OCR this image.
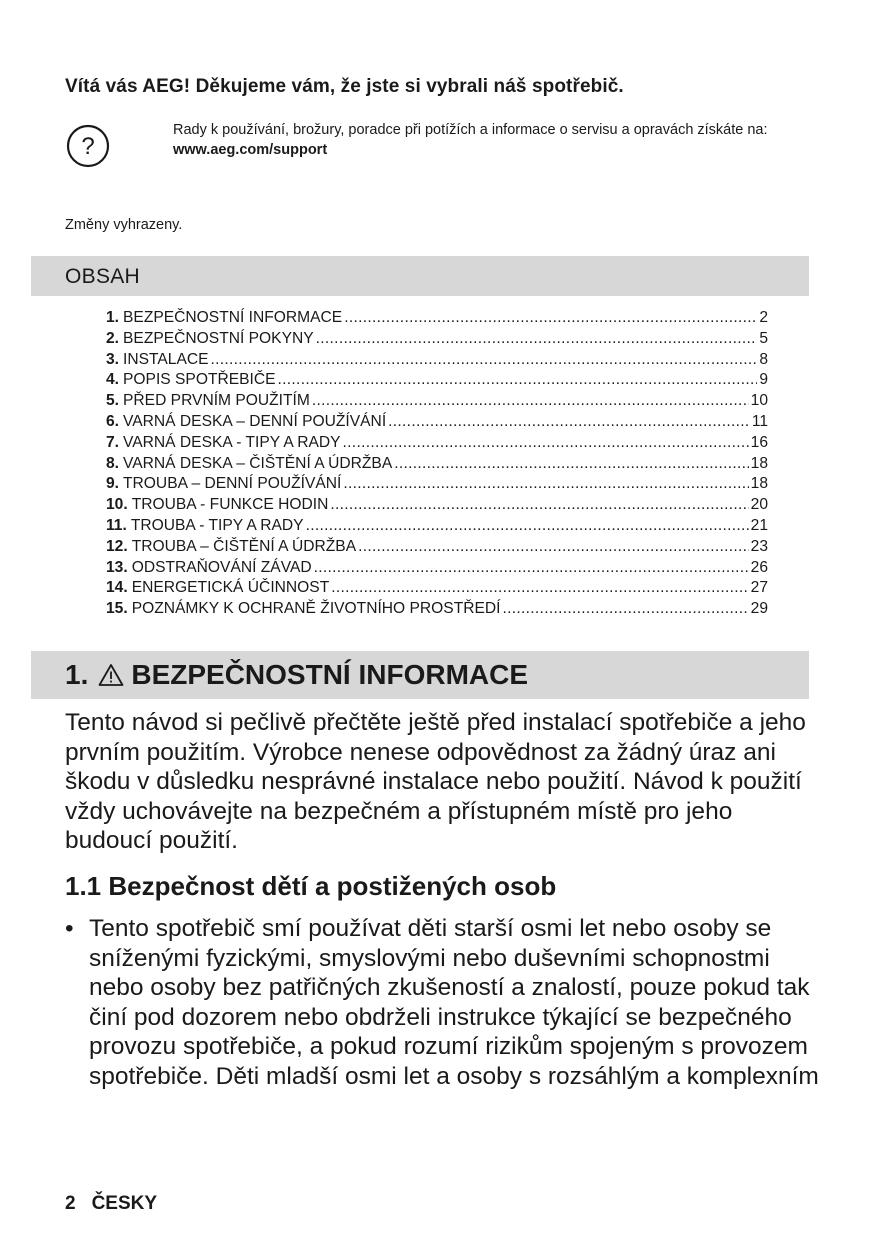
Vítá vás AEG! Děkujeme vám, že jste si vybrali náš spotřebič.
?
Rady k používání, brožury, poradce při potížích a informace o servisu a opravách získáte na:
www.aeg.com/support
Změny vyhrazeny.
OBSAH
1. BEZPEČNOSTNÍ INFORMACE .....	2
2. BEZPEČNOSTNÍ POKYNY .....	5
3. INSTALACE .....	8
4. POPIS SPOTŘEBIČE .....	9
5. PŘED PRVNÍM POUŽITÍM .....	10
6. VARNÁ DESKA – DENNÍ POUŽÍVÁNÍ .....	11
7. VARNÁ DESKA - TIPY A RADY .....	16
8. VARNÁ DESKA – ČIŠTĚNÍ A ÚDRŽBA .....	18
9. TROUBA – DENNÍ POUŽÍVÁNÍ .....	18
10. TROUBA - FUNKCE HODIN .....	20
11. TROUBA - TIPY A RADY .....	21
12. TROUBA – ČIŠTĚNÍ A ÚDRŽBA .....	23
13. ODSTRAŇOVÁNÍ ZÁVAD .....	26
14. ENERGETICKÁ ÚČINNOST .....	27
15. POZNÁMKY K OCHRANĚ ŽIVOTNÍHO PROSTŘEDÍ .....	29
1. BEZPEČNOSTNÍ INFORMACE

Tento návod si pečlivě přečtěte ještě před instalací spotřebiče a jeho prvním použitím. Výrobce nenese odpovědnost za žádný úraz ani škodu v důsledku nesprávné instalace nebo použití. Návod k použití vždy uchovávejte na bezpečném a přístupném místě pro jeho budoucí použití.

1.1 Bezpečnost dětí a postižených osob
• Tento spotřebič smí používat děti starší osmi let nebo osoby se sníženými fyzickými, smyslovými nebo duševními schopnostmi nebo osoby bez patřičných zkušeností a znalostí, pouze pokud tak činí pod dozorem nebo obdrželi instrukce týkající se bezpečného provozu spotřebiče, a pokud rozumí rizikům spojeným s provozem spotřebiče. Děti mladší osmi let a osoby s rozsáhlým a komplexním
2 ČESKY
